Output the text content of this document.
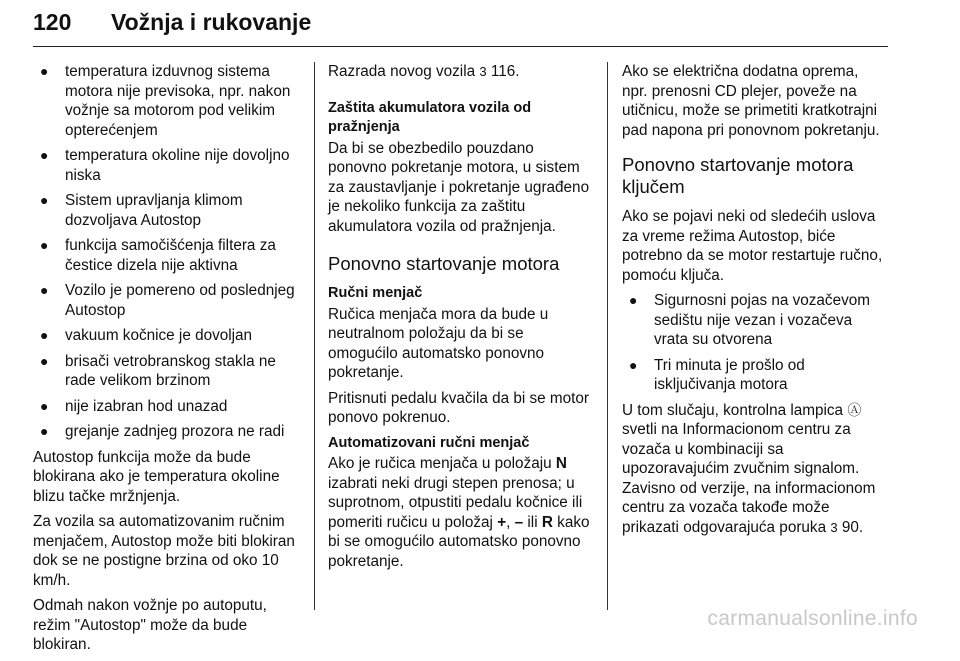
120 Vožnja i rukovanje
● temperatura izduvnog sistema motora nije previsoka, npr. nakon vožnje sa motorom pod velikim opterećenjem
● temperatura okoline nije dovoljno niska
● Sistem upravljanja klimom dozvoljava Autostop
● funkcija samočišćenja filtera za čestice dizela nije aktivna
● Vozilo je pomereno od poslednjeg Autostop
● vakuum kočnice je dovoljan
● brisači vetrobranskog stakla ne rade velikom brzinom
● nije izabran hod unazad
● grejanje zadnjeg prozora ne radi

Autostop funkcija može da bude blokirana ako je temperatura okoline blizu tačke mržnjenja.

Za vozila sa automatizovanim ručnim menjačem, Autostop može biti blokiran dok se ne postigne brzina od oko 10 km/h.

Odmah nakon vožnje po autoputu, režim "Autostop" može da bude blokiran.

Razrada novog vozila 3 116.

Zaštita akumulatora vozila od pražnjenja

Da bi se obezbedilo pouzdano ponovno pokretanje motora, u sistem za zaustavljanje i pokretanje ugrađeno je nekoliko funkcija za zaštitu akumulatora vozila od pražnjenja.

Ponovno startovanje motora

Ručni menjač

Ručica menjača mora da bude u neutralnom položaju da bi se omogućilo automatsko ponovno pokretanje.

Pritisnuti pedalu kvačila da bi se motor ponovo pokrenuo.

Automatizovani ručni menjač

Ako je ručica menjača u položaju N izabrati neki drugi stepen prenosa; u suprotnom, otpustiti pedalu kočnice ili pomeriti ručicu u položaj +, – ili R kako bi se omogućilo automatsko ponovno pokretanje.

Ako se električna dodatna oprema, npr. prenosni CD plejer, poveže na utičnicu, može se primetiti kratkotrajni pad napona pri ponovnom pokretanju.

Ponovno startovanje motora ključem

Ako se pojavi neki od sledećih uslova za vreme režima Autostop, biće potrebno da se motor restartuje ručno, pomoću ključa.

● Sigurnosni pojas na vozačevom sedištu nije vezan i vozačeva vrata su otvorena
● Tri minuta je prošlo od isključivanja motora

U tom slučaju, kontrolna lampica Ⓐ svetli na Informacionom centru za vozača u kombinaciji sa upozoravajućim zvučnim signalom. Zavisno od verzije, na informacionom centru za vozača takođe može prikazati odgovarajuća poruka 3 90.

carmanualsonline.info
